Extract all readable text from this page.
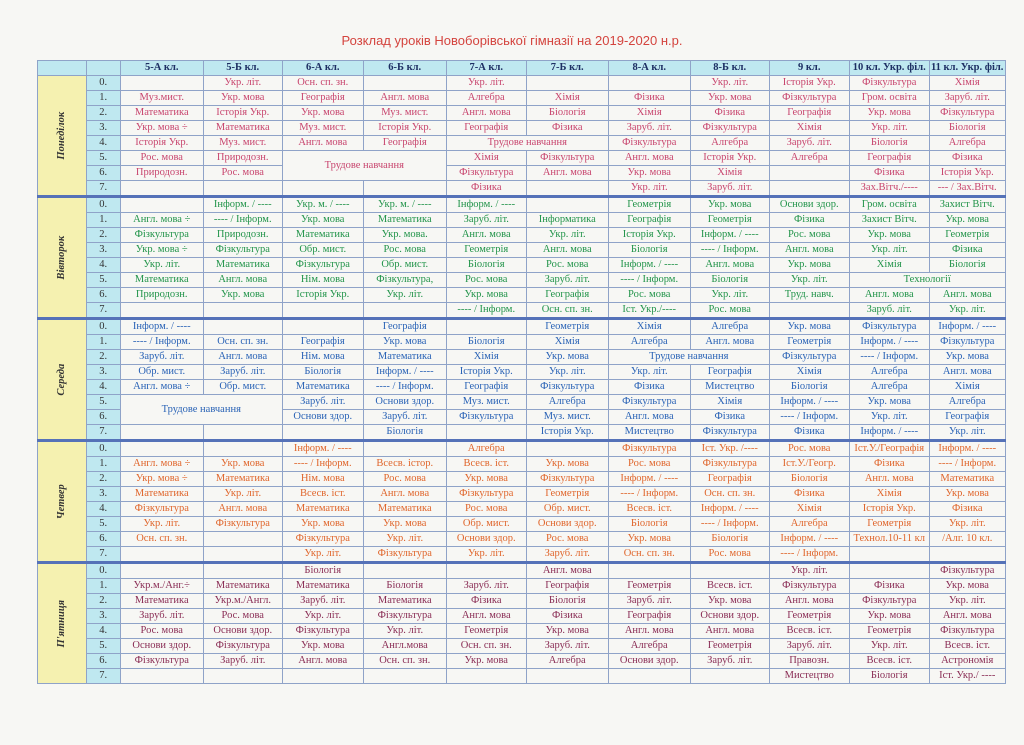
Розклад уроків Новоборівської гімназії на 2019-2020 н.р.
		5-А кл.	5-Б кл.	6-А кл.	6-Б кл.	7-А кл.	7-Б кл.	8-А кл.	8-Б кл.	9 кл.	10 кл. Укр. філ.	11 кл. Укр. філ.
Понеділок	0.		Укр. літ.	Осн. сп. зн.		Укр. літ.			Укр. літ.	Історія Укр.	Фізкультура	Хімія
	1.	Муз.мист.	Укр. мова	Географія	Англ. мова	Алгебра	Хімія	Фізика	Укр. мова	Фізкультура	Гром. освіта	Заруб. літ.
	2.	Математика	Історія Укр.	Укр. мова	Муз. мист.	Англ. мова	Біологія	Хімія	Фізика	Географія	Укр. мова	Фізкультура
	3.	Укр. мова ÷	Математика	Муз. мист.	Історія Укр.	Географія	Фізика	Заруб. літ.	Фізкультура	Хімія	Укр. літ.	Біологія
	4.	Історія Укр.	Муз. мист.	Англ. мова	Географія	Трудове навчання		Фізкультура	Алгебра	Заруб. літ.	Біологія	Алгебра
	5.	Рос. мова	Природозн.	Трудове навчання		Хімія	Фізкультура	Англ. мова	Історія Укр.	Алгебра	Географія	Фізика
	6.	Природозн.	Рос. мова			Фізкультура	Англ. мова	Укр. мова	Хімія		Фізика	Історія Укр.
	7.					Фізика		Укр. літ.	Заруб. літ.		Зах.Вітч./----	--- / Зах.Вітч.
Вівторок	0.		Інформ. / ----	Укр. м. / ----	Укр. м. / ----	Інформ. / ----		Геометрія	Укр. мова	Основи здор.	Гром. освіта	Захист Вітч.
	1.	Англ. мова ÷	---- / Інформ.	Укр. мова	Математика	Заруб. літ.	Інформатика	Географія	Геометрія	Фізика	Захист Вітч.	Укр. мова
	2.	Фізкультура	Природозн.	Математика	Укр. мова.	Англ. мова	Укр. літ.	Історія Укр.	Інформ. / ----	Рос. мова	Укр. мова	Геометрія
	3.	Укр. мова ÷	Фізкультура	Обр. мист.	Рос. мова	Геометрія	Англ. мова	Біологія	---- / Інформ.	Англ. мова	Укр. літ.	Фізика
	4.	Укр. літ.	Математика	Фізкультура	Обр. мист.	Біологія	Рос. мова	Інформ. / ----	Англ. мова	Укр. мова	Хімія	Біологія
	5.	Математика	Англ. мова	Нім. мова	Фізкультура,	Рос. мова	Заруб. літ.	---- / Інформ.	Біологія	Укр. літ.	Технології	
	6.	Природозн.	Укр. мова	Історія Укр.	Укр. літ.	Укр. мова	Географія	Рос. мова	Укр. літ.	Труд. навч.	Англ. мова	Англ. мова
	7.					---- / Інформ.	Осн. сп. зн.	Іст. Укр./----	Рос. мова		Заруб. літ.	Укр. літ.
Середа	0.	Інформ. / ----			Географія		Геометрія	Хімія	Алгебра	Укр. мова	Фізкультура	Інформ. / ----
	1.	---- / Інформ.	Осн. сп. зн.	Географія	Укр. мова	Біологія	Хімія	Алгебра	Англ. мова	Геометрія	Інформ. / ----	Фізкультура
	2.	Заруб. літ.	Англ. мова	Нім. мова	Математика	Хімія	Укр. мова	Трудове навчання		Фізкультура	---- / Інформ.	Укр. мова
	3.	Обр. мист.	Заруб. літ.	Біологія	Інформ. / ----	Історія Укр.	Укр. літ.	Укр. літ.	Географія	Хімія	Алгебра	Англ. мова
	4.	Англ. мова ÷	Обр. мист.	Математика	---- / Інформ.	Географія	Фізкультура	Фізика	Мистецтво	Біологія	Алгебра	Хімія
	5.	Трудове навчання		Заруб. літ.	Основи здор.	Муз. мист.	Алгебра	Фізкультура	Хімія	Інформ. / ----	Укр. мова	Алгебра
	6.			Основи здор.	Заруб. літ.	Фізкультура	Муз. мист.	Англ. мова	Фізика	---- / Інформ.	Укр. літ.	Географія
	7.				Біологія		Історія Укр.	Мистецтво	Фізкультура	Фізика	Інформ. / ----	Укр. літ.
Четвер	0.			Інформ. / ----		Алгебра		Фізкультура	Іст. Укр. /----	Рос. мова	Іст.У./Географія	Інформ. / ----
	1.	Англ. мова ÷	Укр. мова	---- / Інформ.	Всесв. істор.	Всесв. іст.	Укр. мова	Рос. мова	Фізкультура	Іст.У./Геогр.	Фізика	---- / Інформ.
	2.	Укр. мова ÷	Математика	Нім. мова	Рос. мова	Укр. мова	Фізкультура	Інформ. / ----	Географія	Біологія	Англ. мова	Математика
	3.	Математика	Укр. літ.	Всесв. іст.	Англ. мова	Фізкультура	Геометрія	---- / Інформ.	Осн. сп. зн.	Фізика	Хімія	Укр. мова
	4.	Фізкультура	Англ. мова	Математика	Математика	Рос. мова	Обр. мист.	Всесв. іст.	Інформ. / ----	Хімія	Історія Укр.	Фізика
	5.	Укр. літ.	Фізкультура	Укр. мова	Укр. мова	Обр. мист.	Основи здор.	Біологія	---- / Інформ.	Алгебра	Геометрія	Укр. літ.
	6.	Осн. сп. зн.		Фізкультура	Укр. літ.	Основи здор.	Рос. мова	Укр. мова	Біологія	Інформ. / ----	Технол.10-11 кл	/Алг. 10 кл.
	7.			Укр. літ.	Фізкультура	Укр. літ.	Заруб. літ.	Осн. сп. зн.	Рос. мова	---- / Інформ.		
П'ятниця	0.			Біологія			Англ. мова			Укр. літ.		Фізкультура
	1.	Укр.м./Анг.÷	Математика	Математика	Біологія	Заруб. літ.	Географія	Геометрія	Всесв. іст.	Фізкультура	Фізика	Укр. мова
	2.	Математика	Укр.м./Англ.	Заруб. літ.	Математика	Фізика	Біологія	Заруб. літ.	Укр. мова	Англ. мова	Фізкультура	Укр. літ.
	3.	Заруб. літ.	Рос. мова	Укр. літ.	Фізкультура	Англ. мова	Фізика	Географія	Основи здор.	Геометрія	Укр. мова	Англ. мова
	4.	Рос. мова	Основи здор.	Фізкультура	Укр. літ.	Геометрія	Укр. мова	Англ. мова	Англ. мова	Всесв. іст.	Геометрія	Фізкультура
	5.	Основи здор.	Фізкультура	Укр. мова	Англ.мова	Осн. сп. зн.	Заруб. літ.	Алгебра	Геометрія	Заруб. літ.	Укр. літ.	Всесв. іст.
	6.	Фізкультура	Заруб. літ.	Англ. мова	Осн. сп. зн.	Укр. мова	Алгебра	Основи здор.	Заруб. літ.	Правозн.	Всесв. іст.	Астрономія
	7.									Мистецтво	Біологія	Іст. Укр./ ----
